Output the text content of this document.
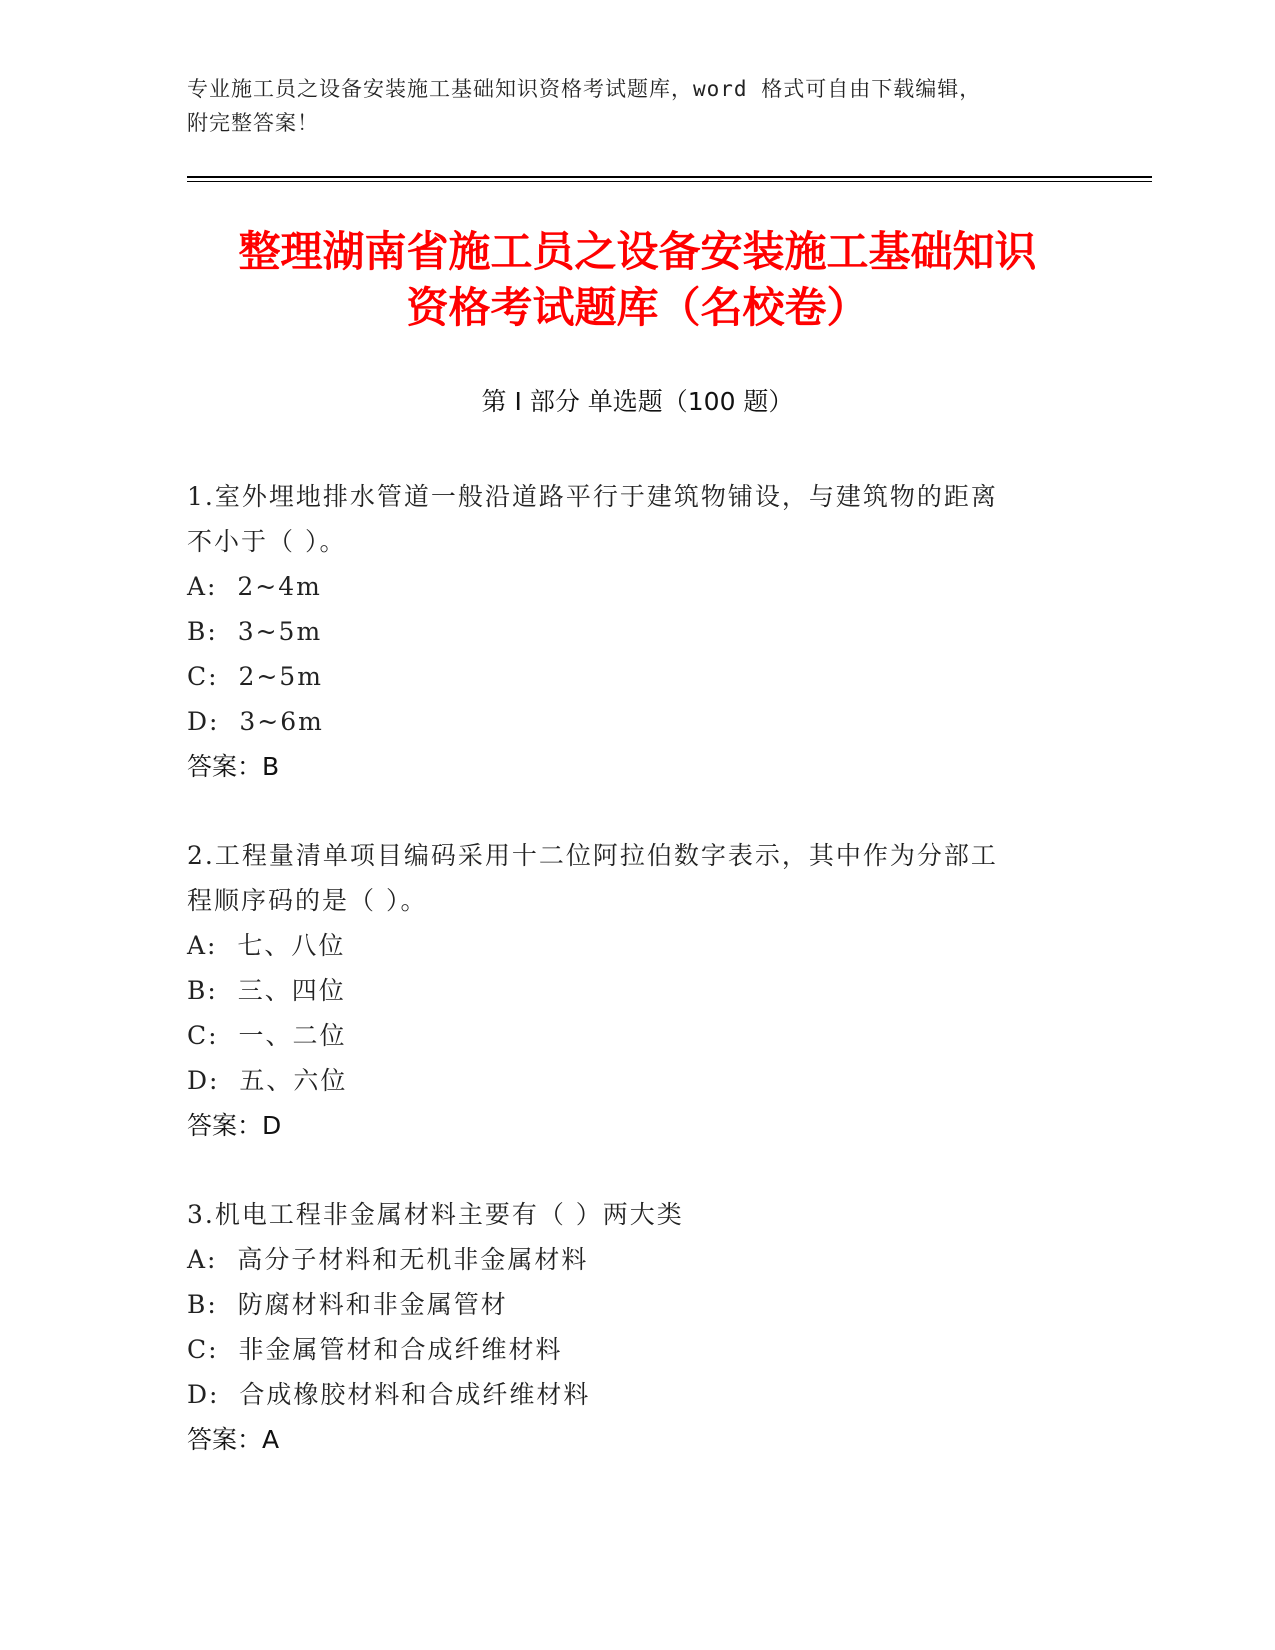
专业施工员之设备安装施工基础知识资格考试题库，word 格式可自由下载编辑，
附完整答案！
整理湖南省施工员之设备安装施工基础知识
资格考试题库（名校卷）
第 I 部分 单选题（100 题）

1.室外埋地排水管道一般沿道路平行于建筑物铺设，与建筑物的距离

不小于（ ）。

A:  2~4m

B:  3~5m

C:  2~5m

D:  3~6m

答案：B

2.工程量清单项目编码采用十二位阿拉伯数字表示，其中作为分部工

程顺序码的是（ ）。

A:  七、八位

B:  三、四位

C:  一、二位

D:  五、六位

答案：D

3.机电工程非金属材料主要有（ ）两大类

A:  高分子材料和无机非金属材料

B:  防腐材料和非金属管材

C:  非金属管材和合成纤维材料

D:  合成橡胶材料和合成纤维材料

答案：A
